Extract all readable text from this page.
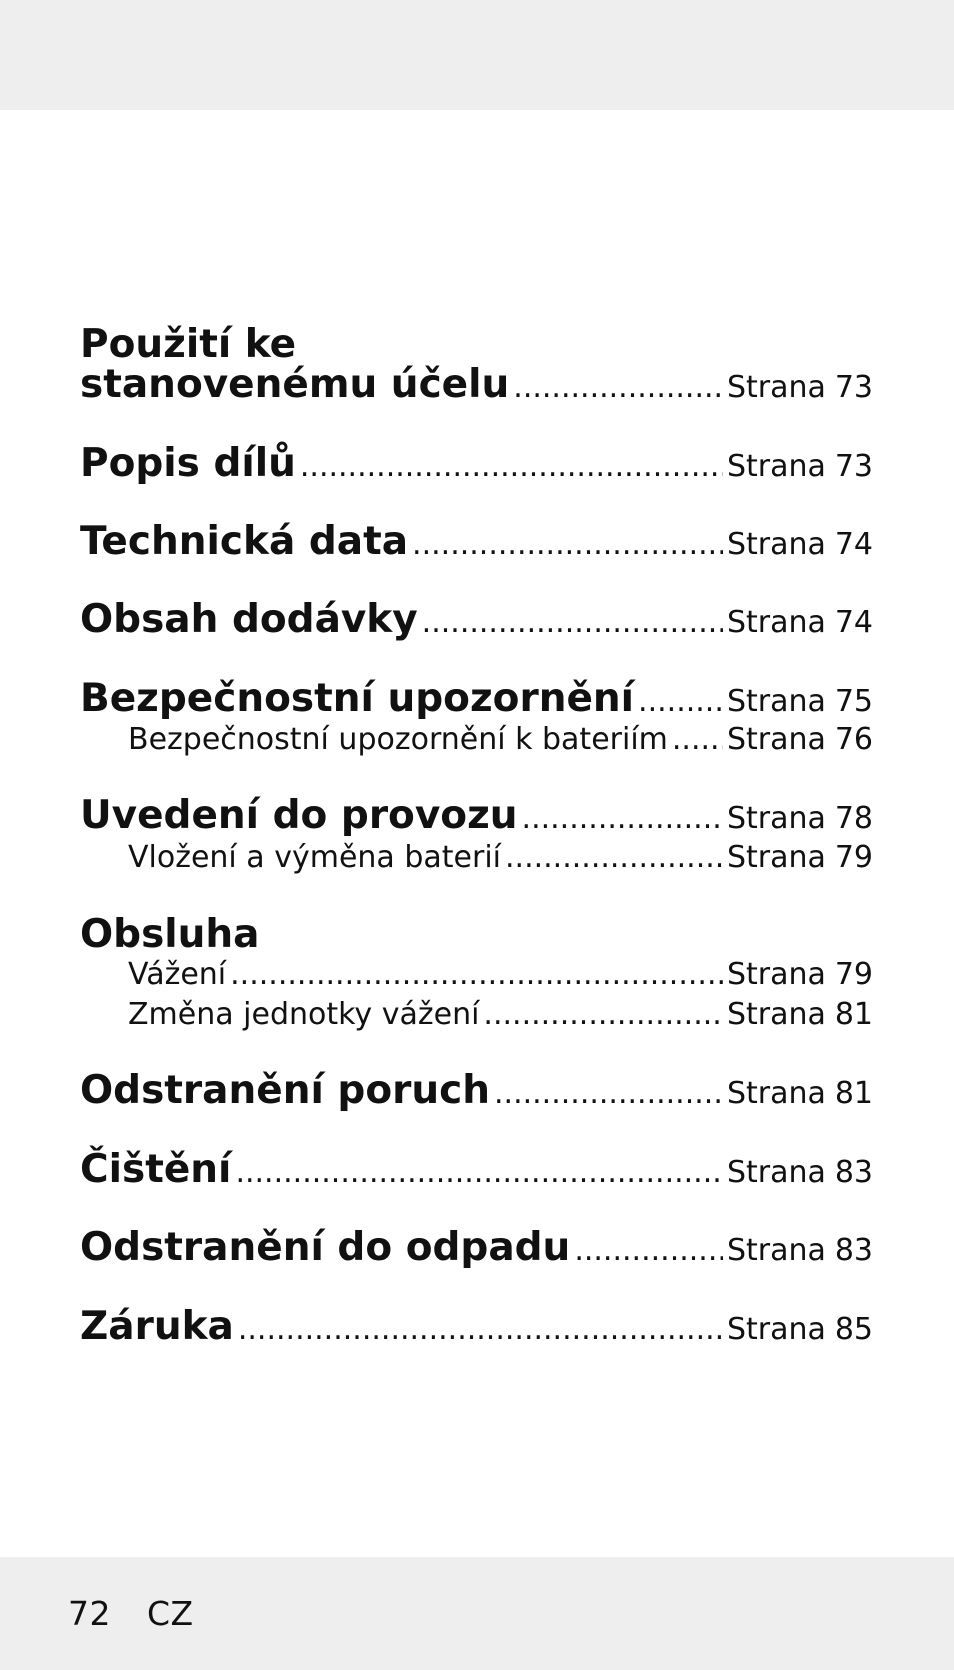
Použití ke
stanovenému účelu .....	Strana 73
Popis dílů .....	Strana 73
Technická data .....	Strana 74
Obsah dodávky .....	Strana 74
Bezpečnostní upozornění .....	Strana 75
Bezpečnostní upozornění k bateriím ..... Strana 76
Uvedení do provozu .....	Strana 78
Vložení a výměna baterií .....	Strana 79
Obsluha
Vážení .....	Strana 79
Změna jednotky vážení .....	Strana 81
Odstranění poruch .....	Strana 81
Čištění .....	Strana 83
Odstranění do odpadu .....	Strana 83
Záruka .....	Strana 85
72 CZ
